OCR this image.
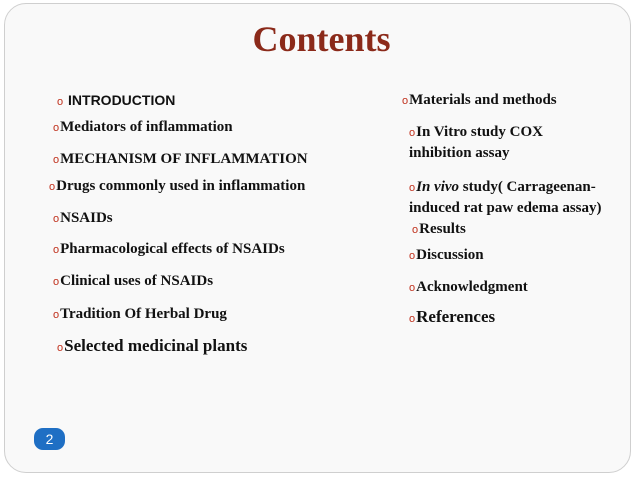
Contents
o INTRODUCTION
oMediators of inflammation
oMECHANISM OF INFLAMMATION
oDrugs commonly used in inflammation
oNSAIDs
oPharmacological effects of NSAIDs
oClinical uses of NSAIDs
oTradition Of Herbal Drug
oSelected medicinal plants
oMaterials and methods
oIn Vitro study COX
inhibition assay
oIn vivo study( Carrageenan-
induced rat paw edema assay)
oResults
oDiscussion
oAcknowledgment
oReferences
2
